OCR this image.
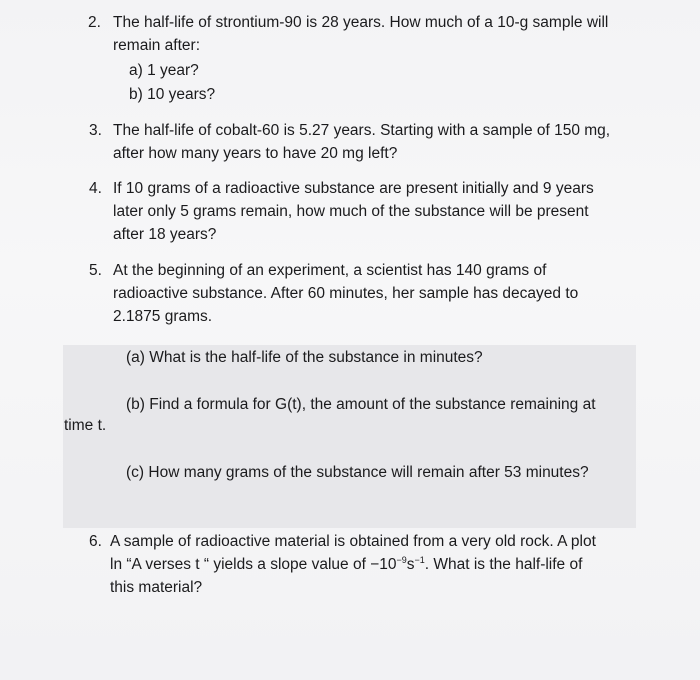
2. The half-life of strontium-90 is 28 years. How much of a 10-g sample will
remain after:
a) 1 year?
b) 10 years?
3. The half-life of cobalt-60 is 5.27 years. Starting with a sample of 150 mg,
after how many years to have 20 mg left?
4. If 10 grams of a radioactive substance are present initially and 9 years
later only 5 grams remain, how much of the substance will be present
after 18 years?
5. At the beginning of an experiment, a scientist has 140 grams of
radioactive substance. After 60 minutes, her sample has decayed to
2.1875 grams.
(a) What is the half-life of the substance in minutes?
(b) Find a formula for G(t), the amount of the substance remaining at
time t.
(c) How many grams of the substance will remain after 53 minutes?
6. A sample of radioactive material is obtained from a very old rock. A plot
ln “A verses t “ yields a slope value of $-10^{-9}s^{-1}$. What is the half-life of
this material?
